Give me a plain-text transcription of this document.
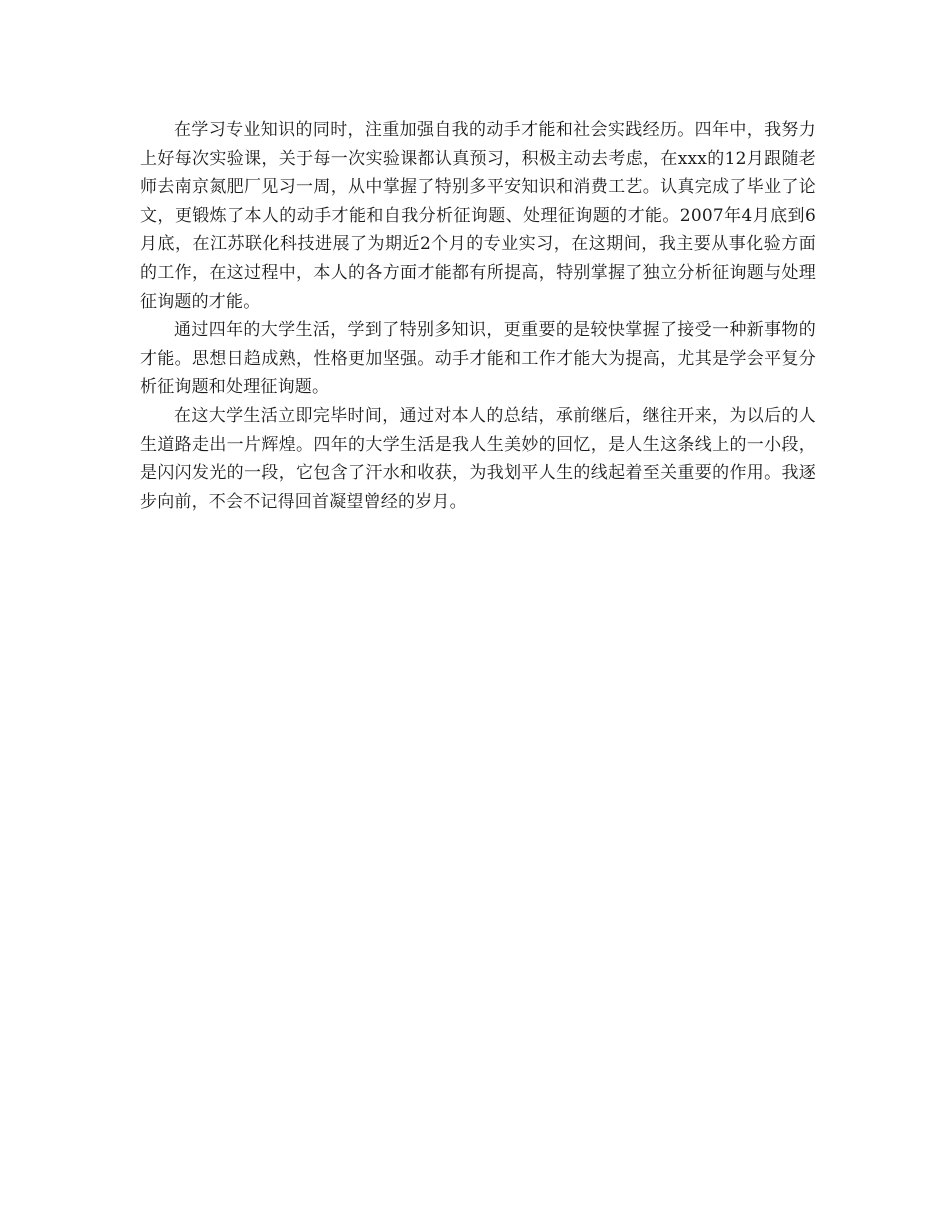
在学习专业知识的同时，注重加强自我的动手才能和社会实践经历。四年中，我努力上好每次实验课，关于每一次实验课都认真预习，积极主动去考虑，在xxx的12月跟随老师去南京氮肥厂见习一周，从中掌握了特别多平安知识和消费工艺。认真完成了毕业了论文，更锻炼了本人的动手才能和自我分析征询题、处理征询题的才能。2007年4月底到6月底，在江苏联化科技进展了为期近2个月的专业实习，在这期间，我主要从事化验方面的工作，在这过程中，本人的各方面才能都有所提高，特别掌握了独立分析征询题与处理征询题的才能。

通过四年的大学生活，学到了特别多知识，更重要的是较快掌握了接受一种新事物的才能。思想日趋成熟，性格更加坚强。动手才能和工作才能大为提高，尤其是学会平复分析征询题和处理征询题。

在这大学生活立即完毕时间，通过对本人的总结，承前继后，继往开来，为以后的人生道路走出一片辉煌。四年的大学生活是我人生美妙的回忆，是人生这条线上的一小段，是闪闪发光的一段，它包含了汗水和收获，为我划平人生的线起着至关重要的作用。我逐步向前，不会不记得回首凝望曾经的岁月。
